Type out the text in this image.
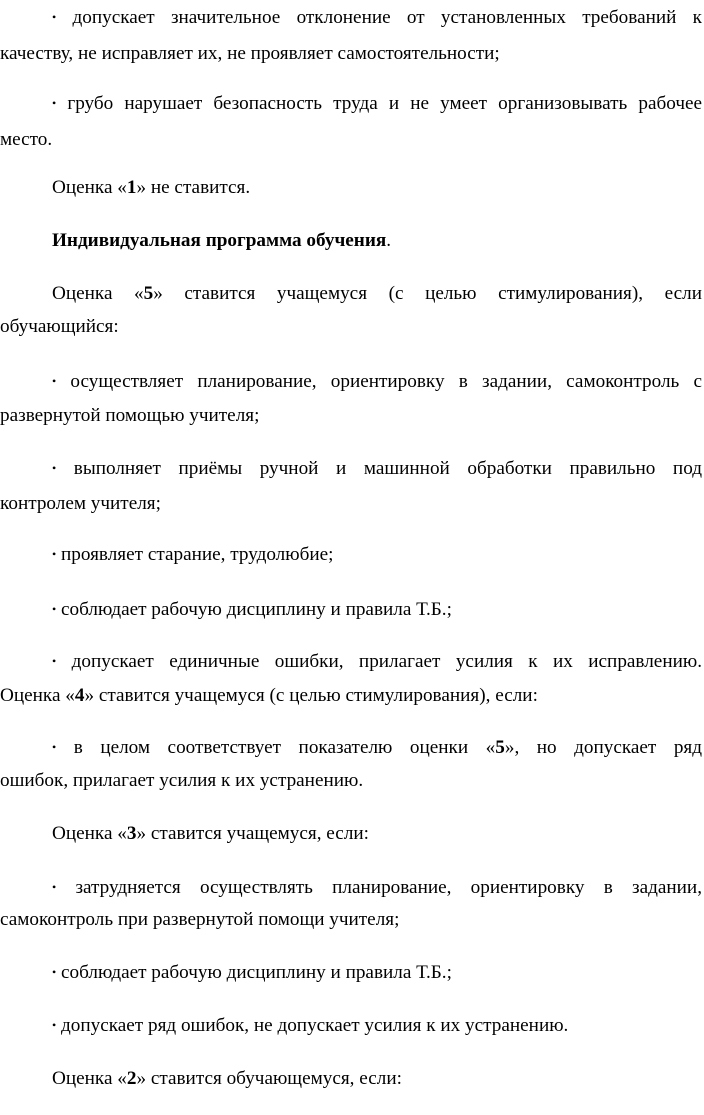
• допускает значительное отклонение от установленных требований к
качеству, не исправляет их, не проявляет самостоятельности;
• грубо нарушает безопасность труда и не умеет организовывать рабочее
место.
Оценка «1» не ставится.
Индивидуальная программа обучения.
Оценка «5» ставится учащемуся (с целью стимулирования), если
обучающийся:
• осуществляет планирование, ориентировку в задании, самоконтроль с
развернутой помощью учителя;
• выполняет приёмы ручной и машинной обработки правильно под
контролем учителя;
• проявляет старание, трудолюбие;
• соблюдает рабочую дисциплину и правила Т.Б.;
• допускает единичные ошибки, прилагает усилия к их исправлению.
Оценка «4» ставится учащемуся (с целью стимулирования), если:
• в целом соответствует показателю оценки «5», но допускает ряд
ошибок, прилагает усилия к их устранению.
Оценка «3» ставится учащемуся, если:
• затрудняется осуществлять планирование, ориентировку в задании,
самоконтроль при развернутой помощи учителя;
• соблюдает рабочую дисциплину и правила Т.Б.;
• допускает ряд ошибок, не допускает усилия к их устранению.
Оценка «2» ставится обучающемуся, если:
